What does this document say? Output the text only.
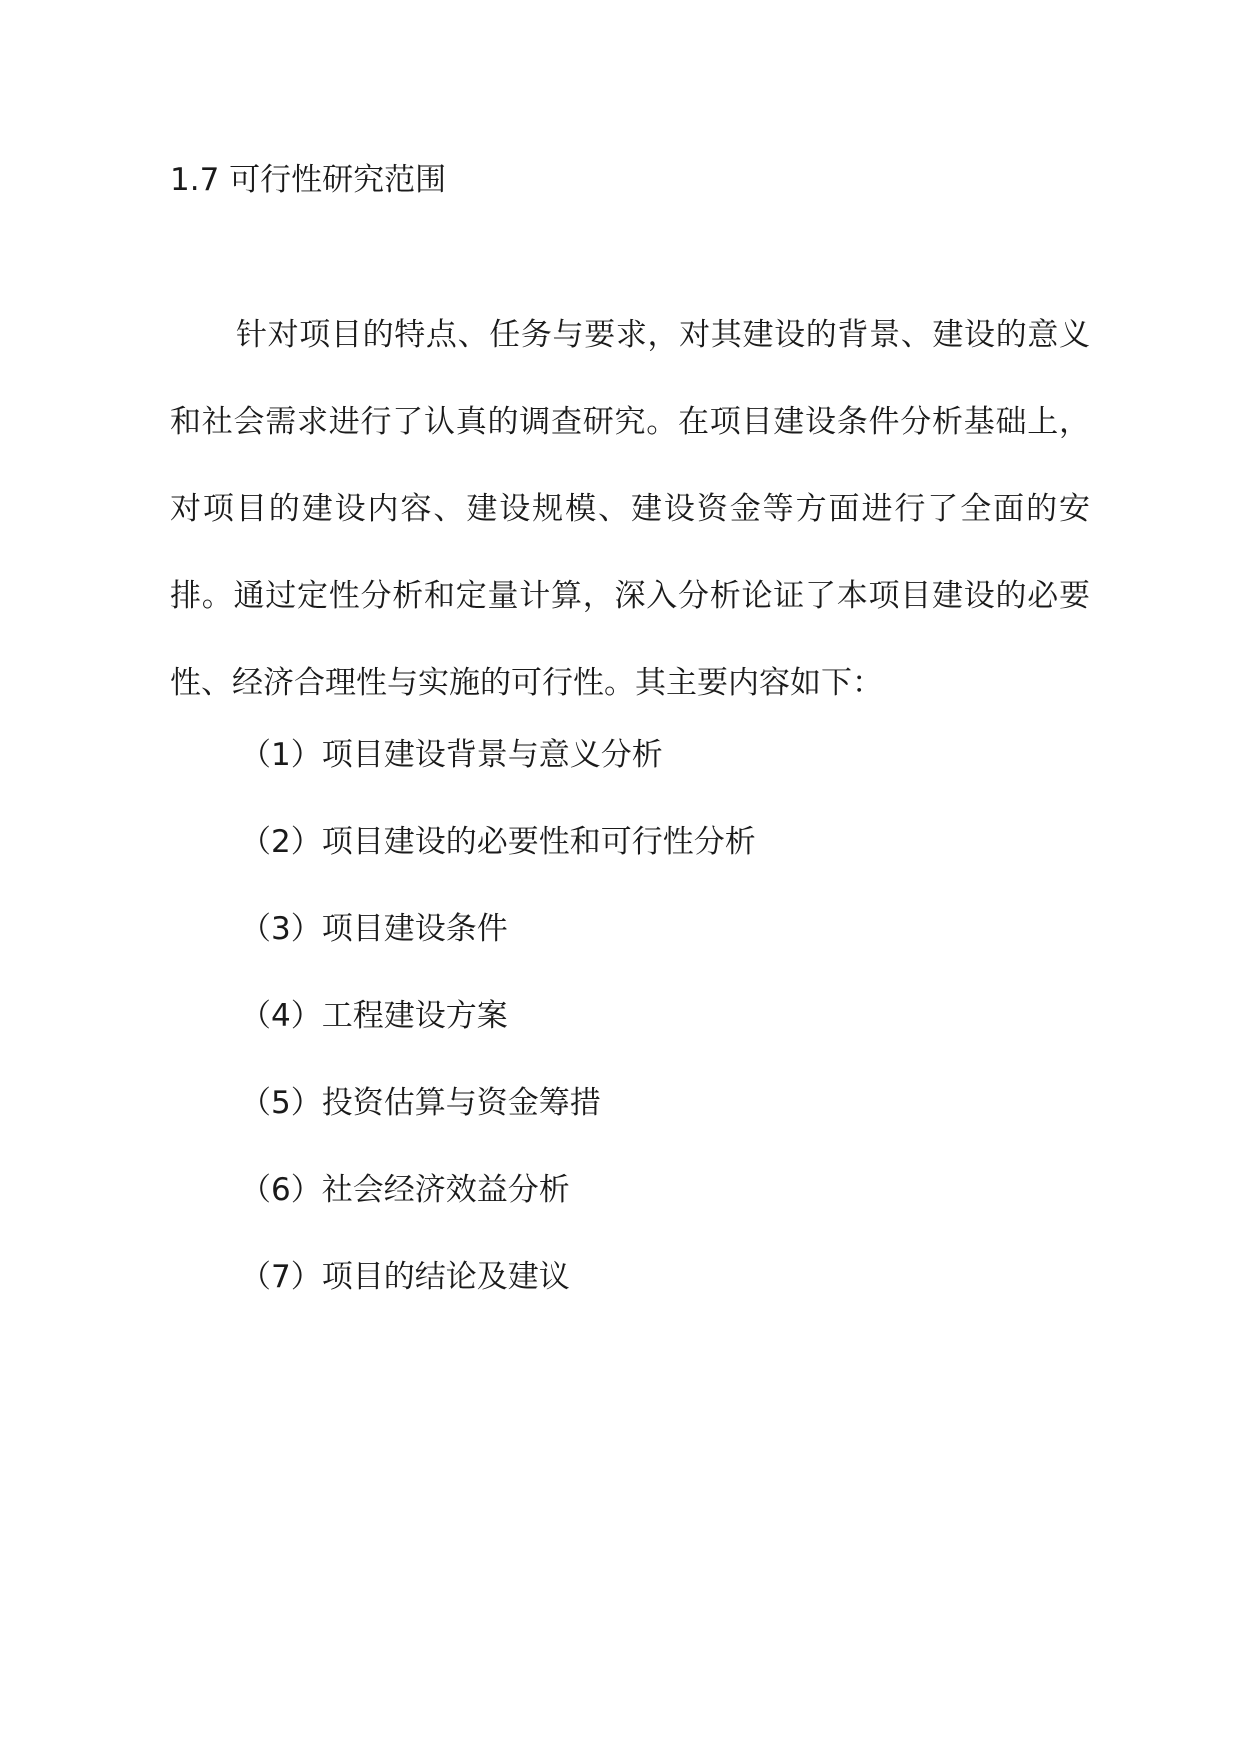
1.7 可行性研究范围

针对项目的特点、任务与要求，对其建设的背景、建设的意义和社会需求进行了认真的调查研究。在项目建设条件分析基础上，对项目的建设内容、建设规模、建设资金等方面进行了全面的安排。通过定性分析和定量计算，深入分析论证了本项目建设的必要性、经济合理性与实施的可行性。其主要内容如下：

（1）项目建设背景与意义分析
（2）项目建设的必要性和可行性分析
（3）项目建设条件
（4）工程建设方案
（5）投资估算与资金筹措
（6）社会经济效益分析
（7）项目的结论及建议
